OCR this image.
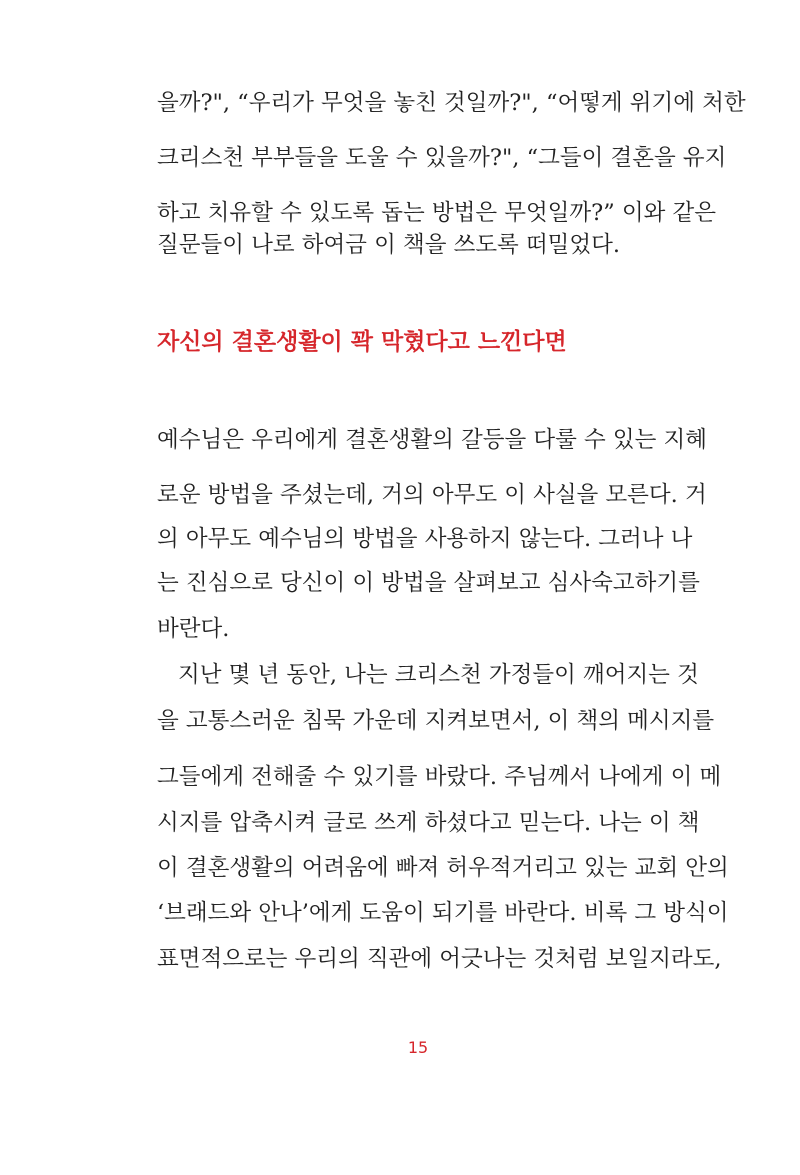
을까?", “우리가 무엇을 놓친 것일까?", “어떻게 위기에 처한
크리스천 부부들을 도울 수 있을까?", “그들이 결혼을 유지
하고 치유할 수 있도록 돕는 방법은 무엇일까?” 이와 같은
질문들이 나로 하여금 이 책을 쓰도록 떠밀었다.
자신의 결혼생활이 꽉 막혔다고 느낀다면
예수님은 우리에게 결혼생활의 갈등을 다룰 수 있는 지혜
로운 방법을 주셨는데, 거의 아무도 이 사실을 모른다. 거
의 아무도 예수님의 방법을 사용하지 않는다. 그러나 나
는 진심으로 당신이 이 방법을 살펴보고 심사숙고하기를
바란다.
지난 몇 년 동안, 나는 크리스천 가정들이 깨어지는 것
을 고통스러운 침묵 가운데 지켜보면서, 이 책의 메시지를
그들에게 전해줄 수 있기를 바랐다. 주님께서 나에게 이 메
시지를 압축시켜 글로 쓰게 하셨다고 믿는다. 나는 이 책
이 결혼생활의 어려움에 빠져 허우적거리고 있는 교회 안의
‘브래드와 안나’에게 도움이 되기를 바란다. 비록 그 방식이
표면적으로는 우리의 직관에 어긋나는 것처럼 보일지라도,
15
